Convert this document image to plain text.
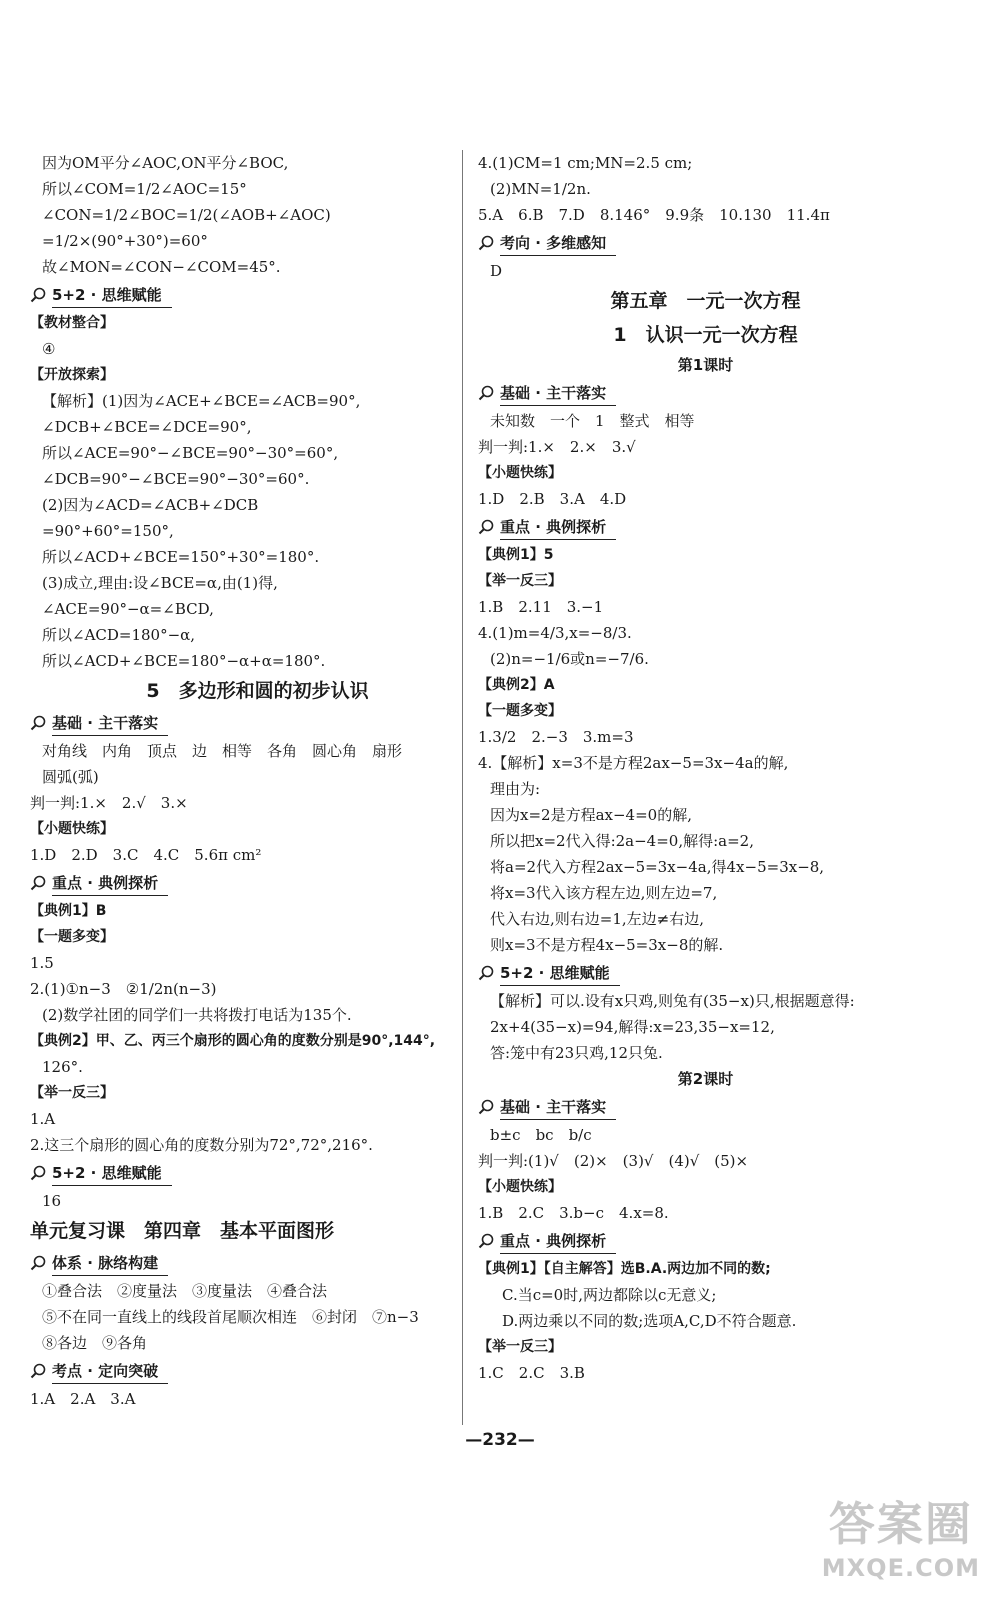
因为OM平分∠AOC,ON平分∠BOC,
所以∠COM=1/2∠AOC=15°
∠CON=1/2∠BOC=1/2(∠AOB+∠AOC)
=1/2×(90°+30°)=60°
故∠MON=∠CON−∠COM=45°.
5+2 · 思维赋能
【教材整合】
④
【开放探索】
【解析】(1)因为∠ACE+∠BCE=∠ACB=90°,
∠DCB+∠BCE=∠DCE=90°,
所以∠ACE=90°−∠BCE=90°−30°=60°,
∠DCB=90°−∠BCE=90°−30°=60°.
(2)因为∠ACD=∠ACB+∠DCB
=90°+60°=150°,
所以∠ACD+∠BCE=150°+30°=180°.
(3)成立,理由:设∠BCE=α,由(1)得,
∠ACE=90°−α=∠BCD,
所以∠ACD=180°−α,
所以∠ACD+∠BCE=180°−α+α=180°.
5　多边形和圆的初步认识
基础 · 主干落实
对角线　内角　顶点　边　相等　各角　圆心角　扇形
圆弧(弧)
判一判:1.×　2.√　3.×
【小题快练】
1.D　2.D　3.C　4.C　5.6π cm²
重点 · 典例探析
【典例1】B
【一题多变】
1.5
2.(1)①n−3　②1/2n(n−3)
(2)数学社团的同学们一共将拨打电话为135个.
【典例2】甲、乙、丙三个扇形的圆心角的度数分别是90°,144°,
126°.
【举一反三】
1.A
2.这三个扇形的圆心角的度数分别为72°,72°,216°.
5+2 · 思维赋能
16
单元复习课　第四章　基本平面图形
体系 · 脉络构建
①叠合法　②度量法　③度量法　④叠合法
⑤不在同一直线上的线段首尾顺次相连　⑥封闭　⑦n−3
⑧各边　⑨各角
考点 · 定向突破
1.A　2.A　3.A
4.(1)CM=1 cm;MN=2.5 cm;
(2)MN=1/2n.
5.A　6.B　7.D　8.146°　9.9条　10.130　11.4π
考向 · 多维感知
D
第五章　一元一次方程
1　认识一元一次方程
第1课时
基础 · 主干落实
未知数　一个　1　整式　相等
判一判:1.×　2.×　3.√
【小题快练】
1.D　2.B　3.A　4.D
重点 · 典例探析
【典例1】5
【举一反三】
1.B　2.11　3.−1
4.(1)m=4/3,x=−8/3.
(2)n=−1/6或n=−7/6.
【典例2】A
【一题多变】
1.3/2　2.−3　3.m=3
4.【解析】x=3不是方程2ax−5=3x−4a的解,
理由为:
因为x=2是方程ax−4=0的解,
所以把x=2代入得:2a−4=0,解得:a=2,
将a=2代入方程2ax−5=3x−4a,得4x−5=3x−8,
将x=3代入该方程左边,则左边=7,
代入右边,则右边=1,左边≠右边,
则x=3不是方程4x−5=3x−8的解.
5+2 · 思维赋能
【解析】可以.设有x只鸡,则兔有(35−x)只,根据题意得:
2x+4(35−x)=94,解得:x=23,35−x=12,
答:笼中有23只鸡,12只兔.
第2课时
基础 · 主干落实
b±c　bc　b/c
判一判:(1)√　(2)×　(3)√　(4)√　(5)×
【小题快练】
1.B　2.C　3.b−c　4.x=8.
重点 · 典例探析
【典例1】【自主解答】选B.A.两边加不同的数;
C.当c=0时,两边都除以c无意义;
D.两边乘以不同的数;选项A,C,D不符合题意.
【举一反三】
1.C　2.C　3.B
—232—
答案圈
MXQE.COM
